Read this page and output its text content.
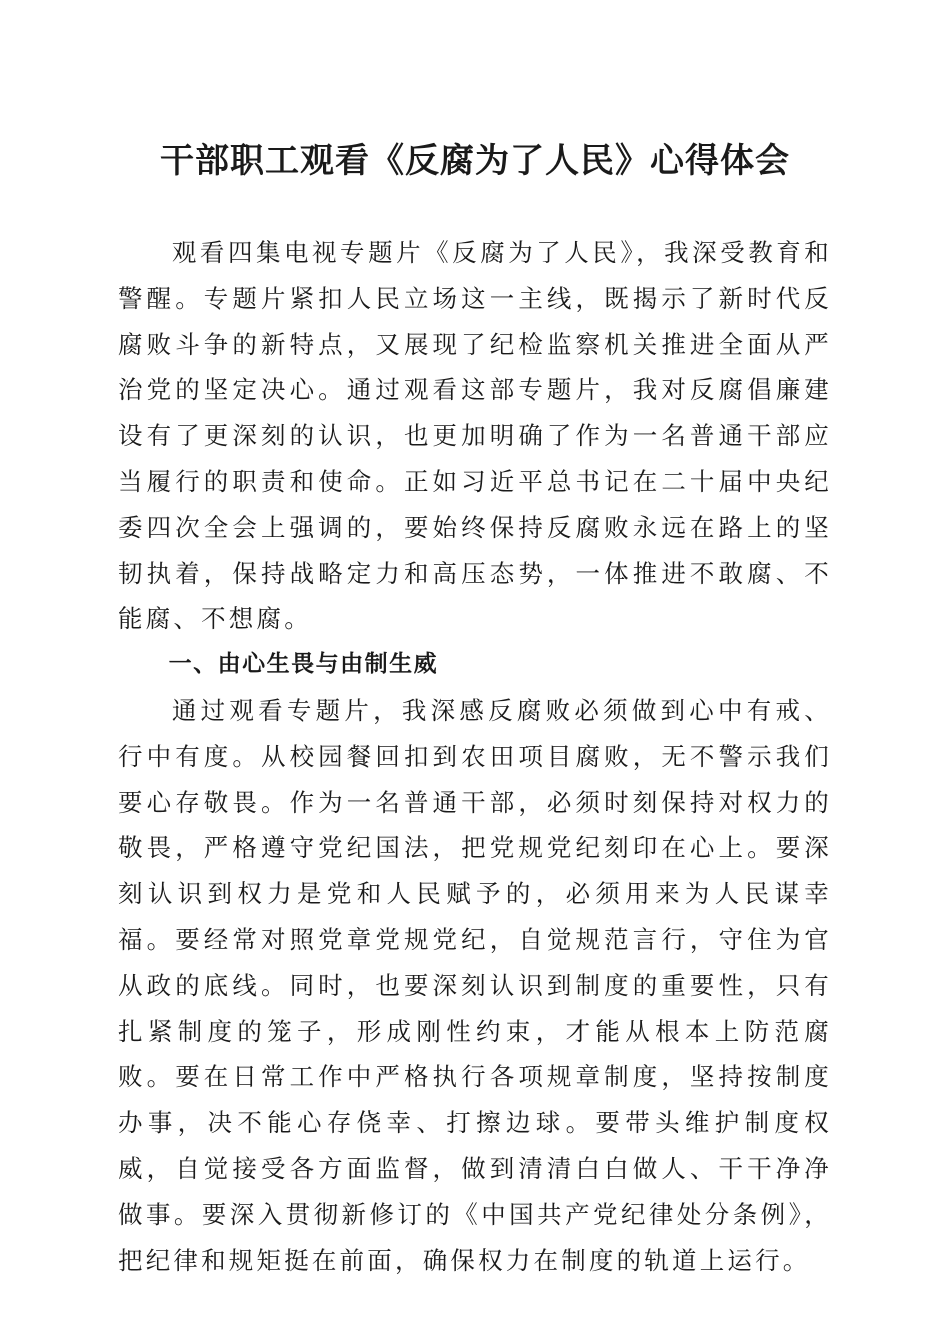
干部职工观看《反腐为了人民》心得体会

观看四集电视专题片《反腐为了人民》，我深受教育和警醒。专题片紧扣人民立场这一主线，既揭示了新时代反腐败斗争的新特点，又展现了纪检监察机关推进全面从严治党的坚定决心。通过观看这部专题片，我对反腐倡廉建设有了更深刻的认识，也更加明确了作为一名普通干部应当履行的职责和使命。正如习近平总书记在二十届中央纪委四次全会上强调的，要始终保持反腐败永远在路上的坚韧执着，保持战略定力和高压态势，一体推进不敢腐、不能腐、不想腐。

一、由心生畏与由制生威

通过观看专题片，我深感反腐败必须做到心中有戒、行中有度。从校园餐回扣到农田项目腐败，无不警示我们要心存敬畏。作为一名普通干部，必须时刻保持对权力的敬畏，严格遵守党纪国法，把党规党纪刻印在心上。要深刻认识到权力是党和人民赋予的，必须用来为人民谋幸福。要经常对照党章党规党纪，自觉规范言行，守住为官从政的底线。同时，也要深刻认识到制度的重要性，只有扎紧制度的笼子，形成刚性约束，才能从根本上防范腐败。要在日常工作中严格执行各项规章制度，坚持按制度办事，决不能心存侥幸、打擦边球。要带头维护制度权威，自觉接受各方面监督，做到清清白白做人、干干净净做事。要深入贯彻新修订的《中国共产党纪律处分条例》，把纪律和规矩挺在前面，确保权力在制度的轨道上运行。
